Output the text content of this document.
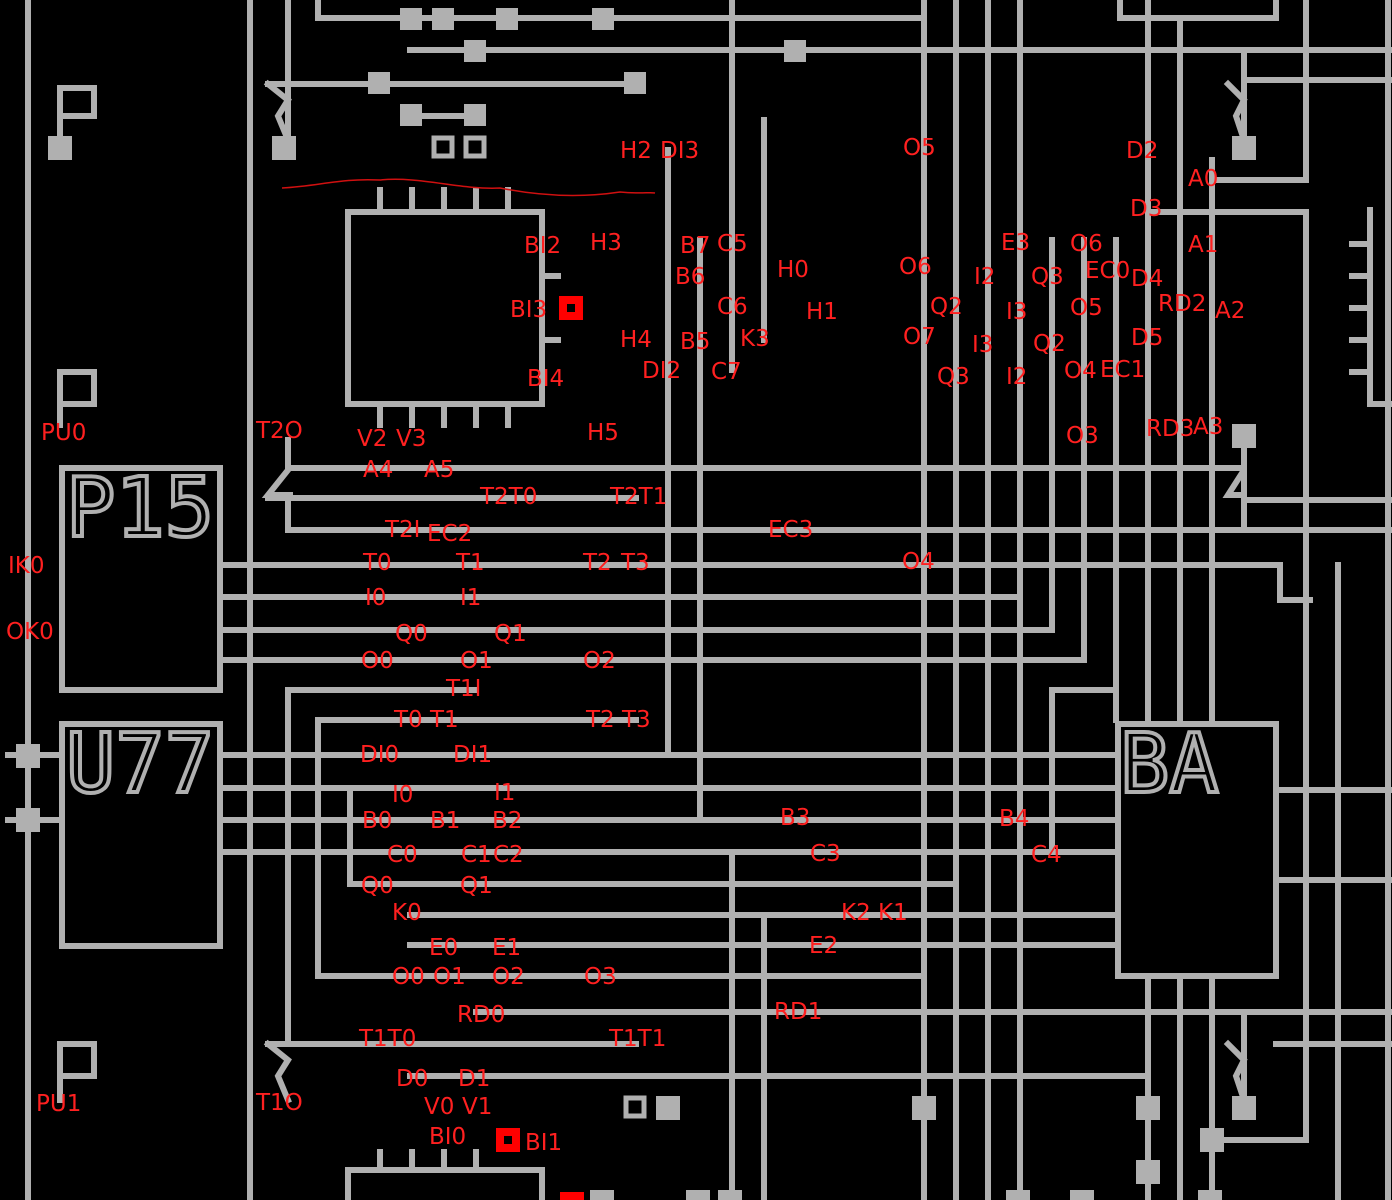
P15
U77	BA
H2 DI3	O5	D2
A0
D3
BI2 H3	B7 C5
H0	O6
E3 O6	A1
EC0
I2 Q3	D4
BI3
B6
C6	H1	Q2 I3 O5 RD2 A2
H4 B5 K3	O7 I3 Q2	D5
BI4	DI2 C7	Q3 I2 O4 EC1
PU0	T2O V2 V3	H5	O3 RD3
A3
A4 A5
T2T0	T2T1
T2I EC2	EC3
IK0	T0	T1	T2 T3	O4
I0	I1
OK0	Q0	Q1
O0	O1	O2
T1I
T0 T1	T2 T3
DI0 DI1
I0	I1
B0 B1 B2	B3	B4
C0 C1 C2	C3	C4
Q0	Q1
K0	K2 K1
E0 E1	E2
O0 O1 O2	O3
RD0	RD1
T1T0	T1T1
D0 D1
PU1	T1O	V0 V1
BI0	BI1
